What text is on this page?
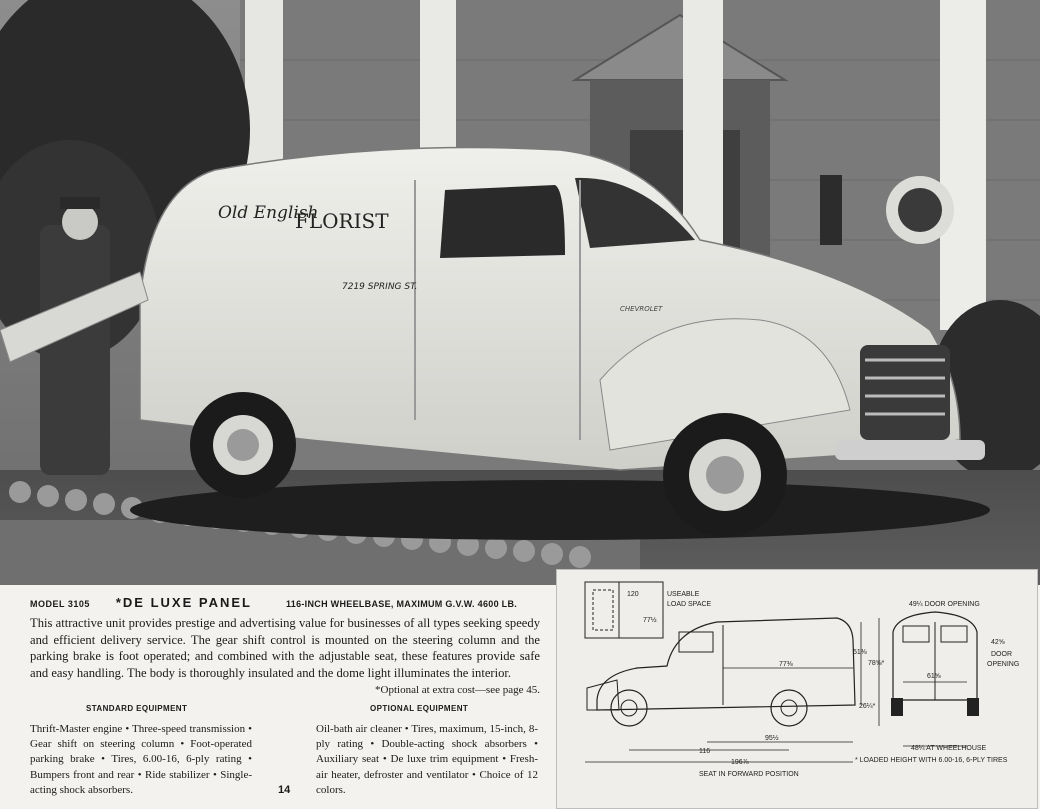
Old English
FLORIST
7219 SPRING ST.
CHEVROLET
MODEL 3105 *DE LUXE PANEL	116-INCH WHEELBASE, MAXIMUM G.V.W. 4600 LB.
This attractive unit provides prestige and advertising value for businesses of all types seeking speedy and efficient delivery service. The gear shift control is mounted on the steering column and the parking brake is foot operated; and combined with the adjustable seat, these features provide safe and easy handling. The body is thoroughly insulated and the dome light illuminates the interior.
*Optional at extra cost—see page 45.
STANDARD EQUIPMENT
Thrift-Master engine • Three-speed transmission • Gear shift on steering column • Foot-operated parking brake • Tires, 6.00-16, 6-ply rating • Bumpers front and rear • Ride stabilizer • Single-acting shock absorbers.
OPTIONAL EQUIPMENT
Oil-bath air cleaner • Tires, maximum, 15-inch, 8-ply rating • Double-acting shock absorbers • Auxiliary seat • De luxe trim equipment • Fresh-air heater, defroster and ventilator • Choice of 12 colors.
14
120
77½
USEABLE
LOAD SPACE
77⅜
95½
116
196⅞
SEAT IN FORWARD POSITION
51⅜
78⅝*
26¼*
49¼ DOOR OPENING
42⅝
DOOR
OPENING
61⅝
48¼ AT WHEELHOUSE
* LOADED HEIGHT WITH 6.00-16, 6-PLY TIRES
